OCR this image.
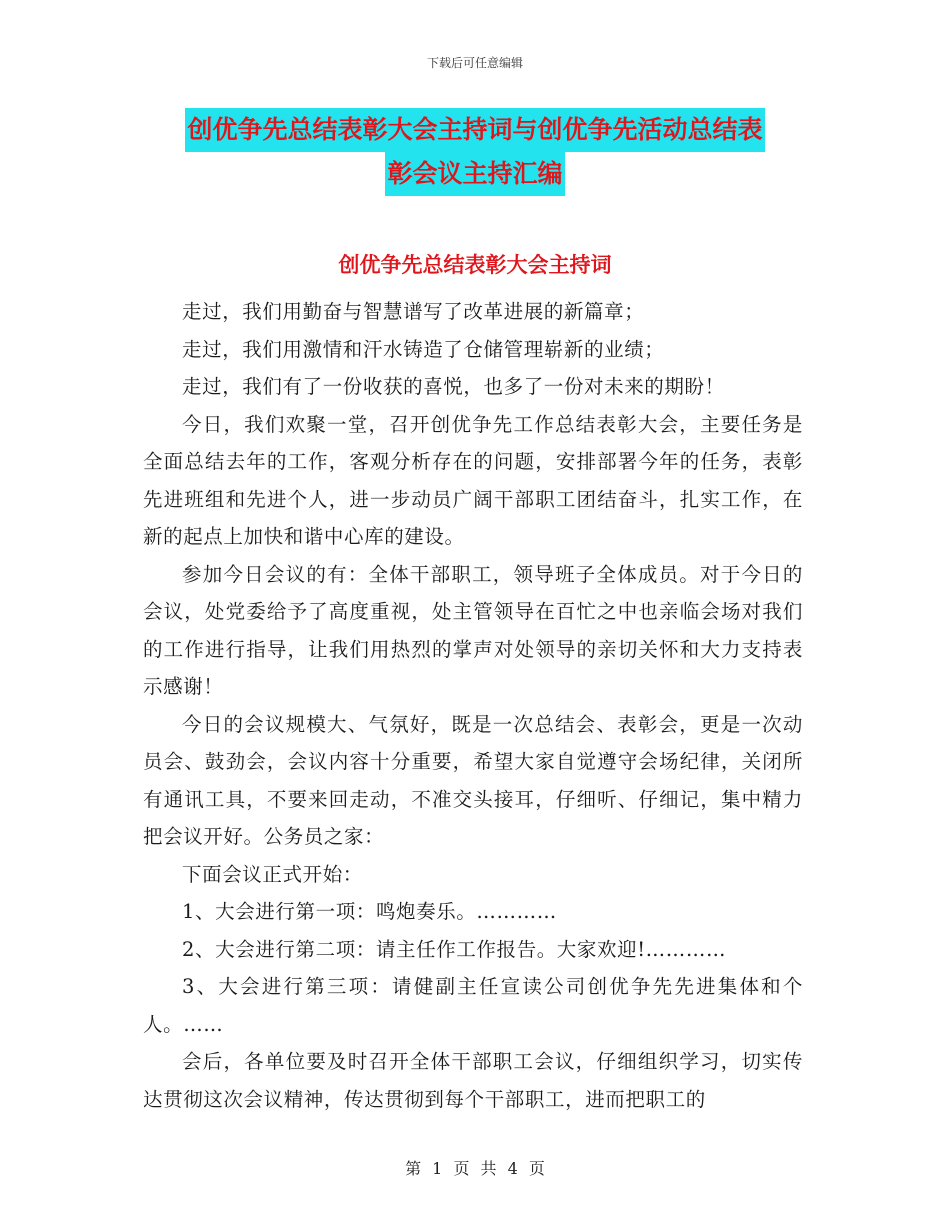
下载后可任意编辑
创优争先总结表彰大会主持词与创优争先活动总结表
彰会议主持汇编
创优争先总结表彰大会主持词

走过，我们用勤奋与智慧谱写了改革进展的新篇章；

走过，我们用激情和汗水铸造了仓储管理崭新的业绩；

走过，我们有了一份收获的喜悦，也多了一份对未来的期盼！

今日，我们欢聚一堂，召开创优争先工作总结表彰大会，主要任务是全面总结去年的工作，客观分析存在的问题，安排部署今年的任务，表彰先进班组和先进个人，进一步动员广阔干部职工团结奋斗，扎实工作，在新的起点上加快和谐中心库的建设。

参加今日会议的有：全体干部职工，领导班子全体成员。对于今日的会议，处党委给予了高度重视，处主管领导在百忙之中也亲临会场对我们的工作进行指导，让我们用热烈的掌声对处领导的亲切关怀和大力支持表示感谢！

今日的会议规模大、气氛好，既是一次总结会、表彰会，更是一次动员会、鼓劲会，会议内容十分重要，希望大家自觉遵守会场纪律，关闭所有通讯工具，不要来回走动，不准交头接耳，仔细听、仔细记，集中精力把会议开好。公务员之家：

下面会议正式开始：

1、大会进行第一项：鸣炮奏乐。…………

2、大会进行第二项：请主任作工作报告。大家欢迎!…………

3、大会进行第三项：请健副主任宣读公司创优争先先进集体和个人。……

会后，各单位要及时召开全体干部职工会议，仔细组织学习，切实传达贯彻这次会议精神，传达贯彻到每个干部职工，进而把职工的

第 1 页 共 4 页
